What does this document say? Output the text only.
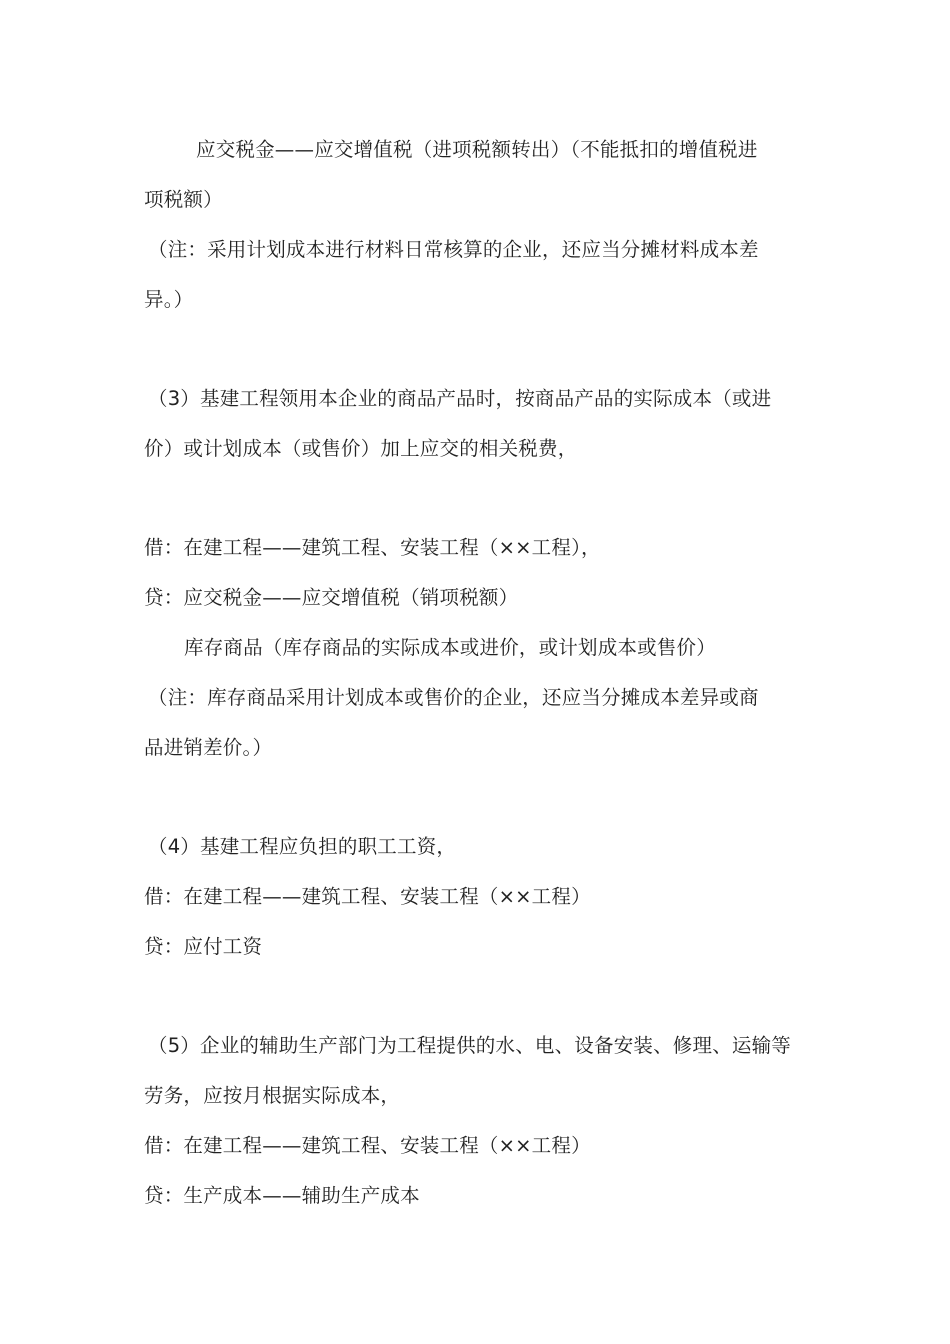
应交税金——应交增值税（进项税额转出）（不能抵扣的增值税进
项税额）
（注：采用计划成本进行材料日常核算的企业，还应当分摊材料成本差
异。）
（3）基建工程领用本企业的商品产品时，按商品产品的实际成本（或进
价）或计划成本（或售价）加上应交的相关税费，
借：在建工程——建筑工程、安装工程（××工程），
贷：应交税金——应交增值税（销项税额）
库存商品（库存商品的实际成本或进价，或计划成本或售价）
（注：库存商品采用计划成本或售价的企业，还应当分摊成本差异或商
品进销差价。）
（4）基建工程应负担的职工工资，
借：在建工程——建筑工程、安装工程（××工程）
贷：应付工资
（5）企业的辅助生产部门为工程提供的水、电、设备安装、修理、运输等
劳务，应按月根据实际成本，
借：在建工程——建筑工程、安装工程（××工程）
贷：生产成本——辅助生产成本
